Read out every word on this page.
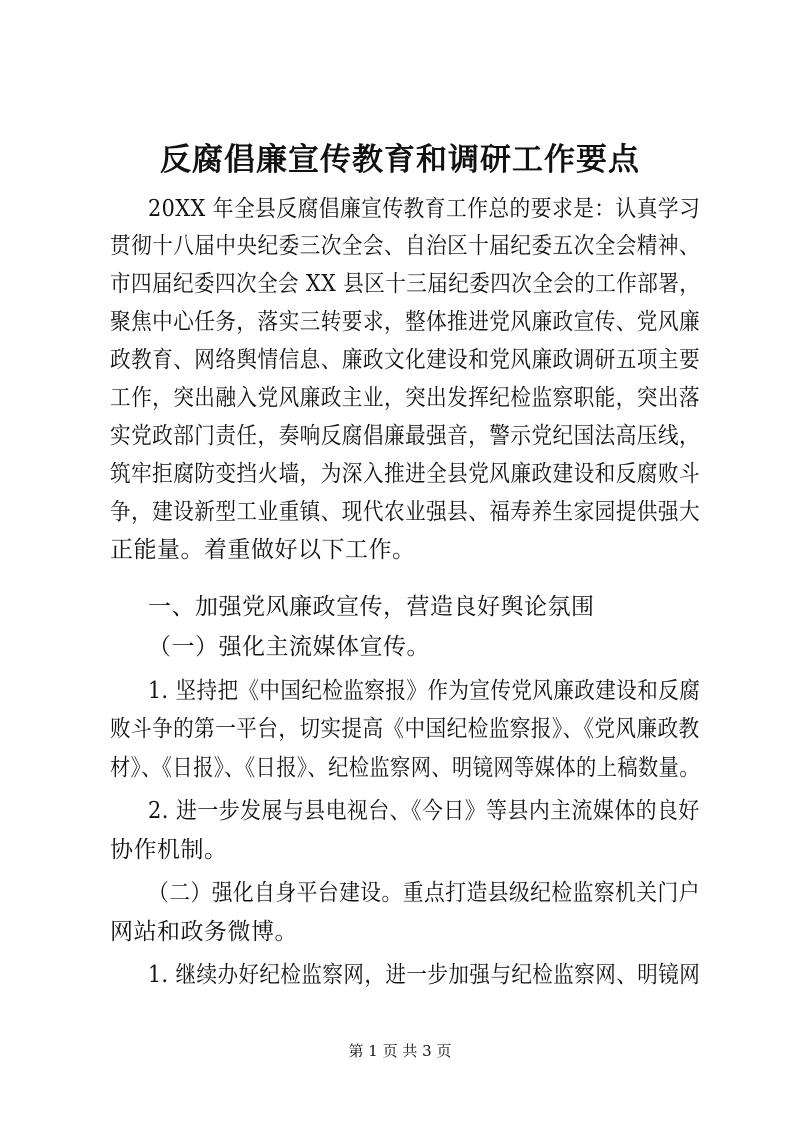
反腐倡廉宣传教育和调研工作要点
20XX 年全县反腐倡廉宣传教育工作总的要求是：认真学习
贯彻十八届中央纪委三次全会、自治区十届纪委五次全会精神、
市四届纪委四次全会 XX 县区十三届纪委四次全会的工作部署，
聚焦中心任务，落实三转要求，整体推进党风廉政宣传、党风廉
政教育、网络舆情信息、廉政文化建设和党风廉政调研五项主要
工作，突出融入党风廉政主业，突出发挥纪检监察职能，突出落
实党政部门责任，奏响反腐倡廉最强音，警示党纪国法高压线，
筑牢拒腐防变挡火墙，为深入推进全县党风廉政建设和反腐败斗
争，建设新型工业重镇、现代农业强县、福寿养生家园提供强大
正能量。着重做好以下工作。
一、加强党风廉政宣传，营造良好舆论氛围
（一）强化主流媒体宣传。
1. 坚持把《中国纪检监察报》作为宣传党风廉政建设和反腐
败斗争的第一平台，切实提高《中国纪检监察报》、《党风廉政教
材》、《日报》、《日报》、纪检监察网、明镜网等媒体的上稿数量。
2. 进一步发展与县电视台、《今日》等县内主流媒体的良好
协作机制。
（二）强化自身平台建设。重点打造县级纪检监察机关门户
网站和政务微博。
1. 继续办好纪检监察网，进一步加强与纪检监察网、明镜网
第 1 页 共 3 页
